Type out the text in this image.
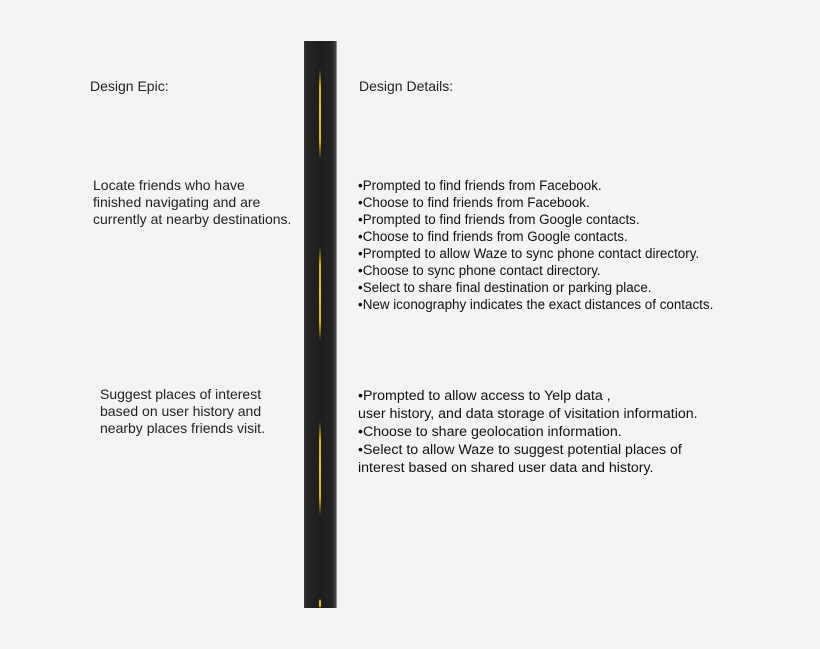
Design Epic:	Design Details:
Locate friends who have
finished navigating and are
currently at nearby destinations.
• Prompted to find friends from Facebook.
• Choose to find friends from Facebook.
• Prompted to find friends from Google contacts.
• Choose to find friends from Google contacts.
• Prompted to allow Waze to sync phone contact directory.
• Choose to sync phone contact directory.
• Select to share final destination or parking place.
• New iconography indicates the exact distances of contacts.
Suggest places of interest
based on user history and
nearby places friends visit.
• Prompted to allow access to Yelp data ,
user history, and data storage of visitation information.
• Choose to share geolocation information.
• Select to allow Waze to suggest potential places of
interest based on shared user data and history.
